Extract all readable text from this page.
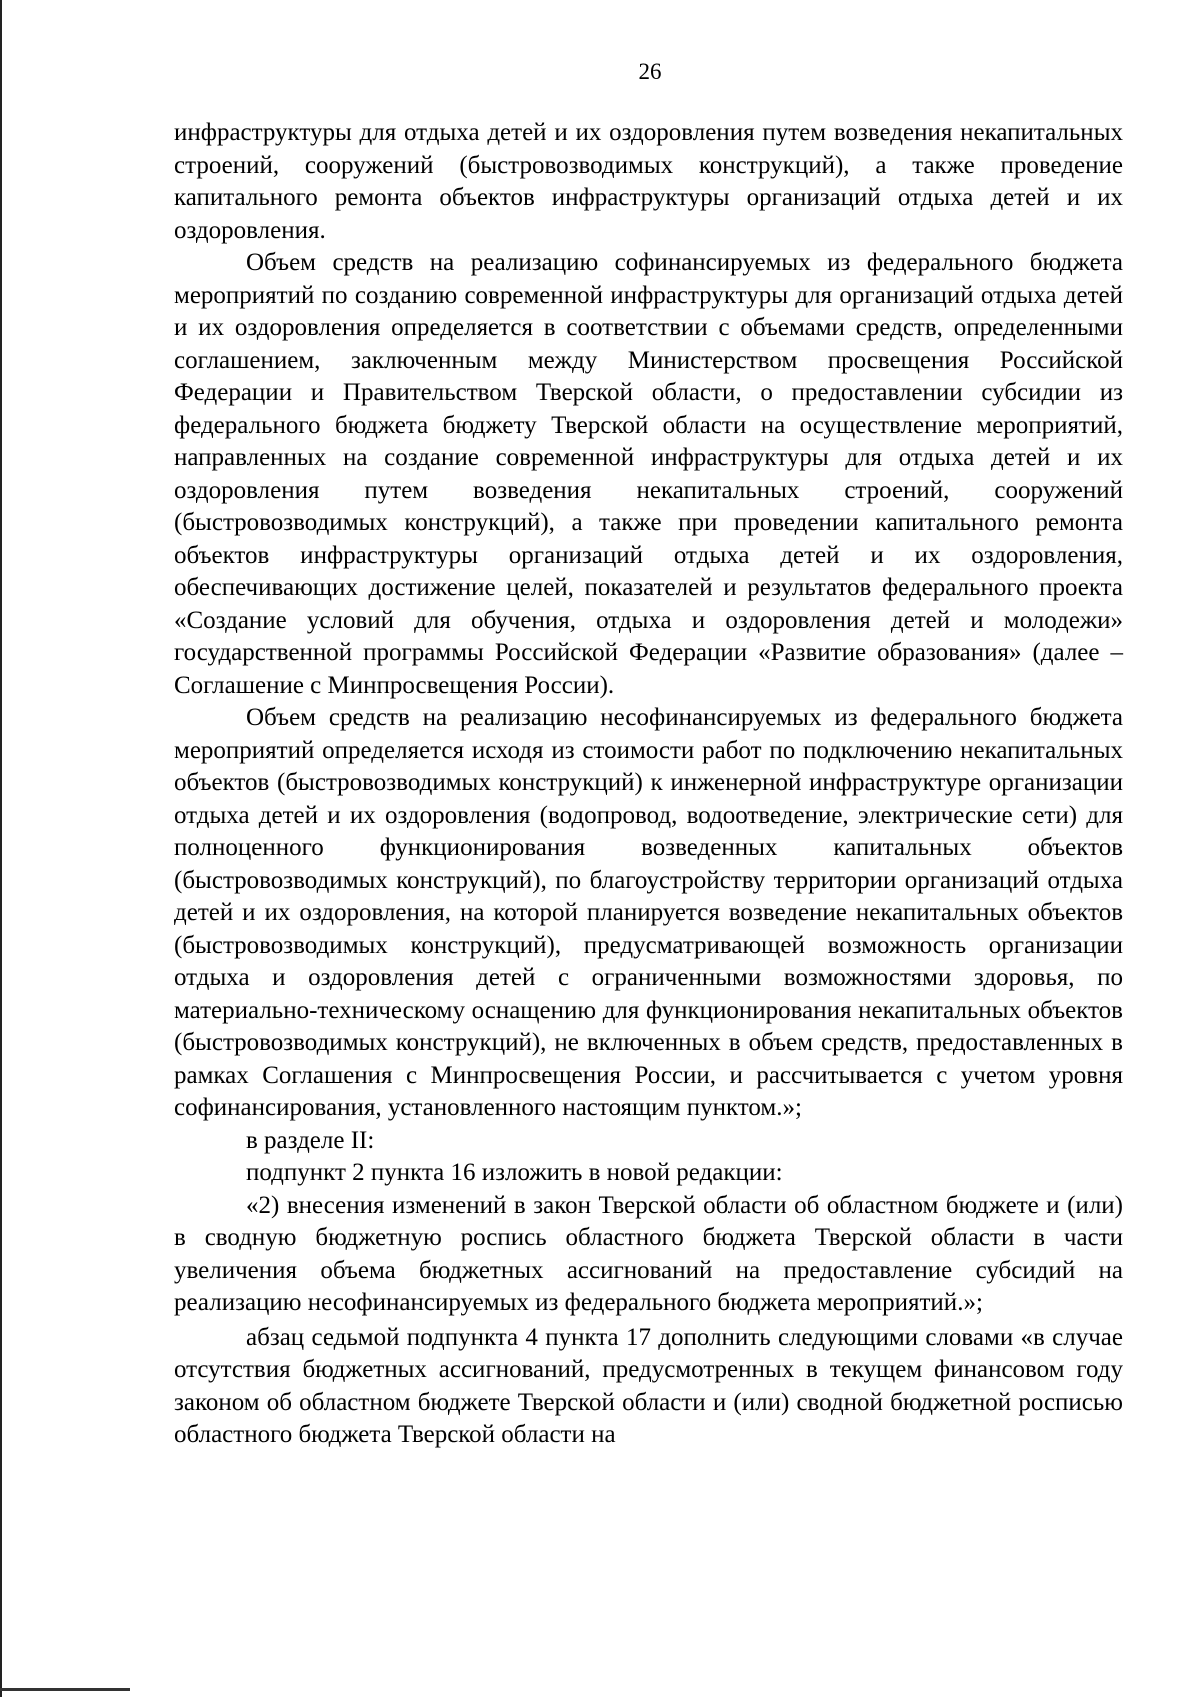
26

инфраструктуры для отдыха детей и их оздоровления путем возведения некапитальных строений, сооружений (быстровозводимых конструкций), а также проведение капитального ремонта объектов инфраструктуры организаций отдыха детей и их оздоровления.

Объем средств на реализацию софинансируемых из федерального бюджета мероприятий по созданию современной инфраструктуры для организаций отдыха детей и их оздоровления определяется в соответствии с объемами средств, определенными соглашением, заключенным между Министерством просвещения Российской Федерации и Правительством Тверской области, о предоставлении субсидии из федерального бюджета бюджету Тверской области на осуществление мероприятий, направленных на создание современной инфраструктуры для отдыха детей и их оздоровления путем возведения некапитальных строений, сооружений (быстровозводимых конструкций), а также при проведении капитального ремонта объектов инфраструктуры организаций отдыха детей и их оздоровления, обеспечивающих достижение целей, показателей и результатов федерального проекта «Создание условий для обучения, отдыха и оздоровления детей и молодежи» государственной программы Российской Федерации «Развитие образования» (далее – Соглашение с Минпросвещения России).

Объем средств на реализацию несофинансируемых из федерального бюджета мероприятий определяется исходя из стоимости работ по подключению некапитальных объектов (быстровозводимых конструкций) к инженерной инфраструктуре организации отдыха детей и их оздоровления (водопровод, водоотведение, электрические сети) для полноценного функционирования возведенных капитальных объектов (быстровозводимых конструкций), по благоустройству территории организаций отдыха детей и их оздоровления, на которой планируется возведение некапитальных объектов (быстровозводимых конструкций), предусматривающей возможность организации отдыха и оздоровления детей с ограниченными возможностями здоровья, по материально-техническому оснащению для функционирования некапитальных объектов (быстровозводимых конструкций), не включенных в объем средств, предоставленных в рамках Соглашения с Минпросвещения России, и рассчитывается с учетом уровня софинансирования, установленного настоящим пунктом.»;

в разделе II:

подпункт 2 пункта 16 изложить в новой редакции:

«2) внесения изменений в закон Тверской области об областном бюджете и (или) в сводную бюджетную роспись областного бюджета Тверской области в части увеличения объема бюджетных ассигнований на предоставление субсидий на реализацию несофинансируемых из федерального бюджета мероприятий.»;

абзац седьмой подпункта 4 пункта 17 дополнить следующими словами «в случае отсутствия бюджетных ассигнований, предусмотренных в текущем финансовом году законом об областном бюджете Тверской области и (или) сводной бюджетной росписью областного бюджета Тверской области на
